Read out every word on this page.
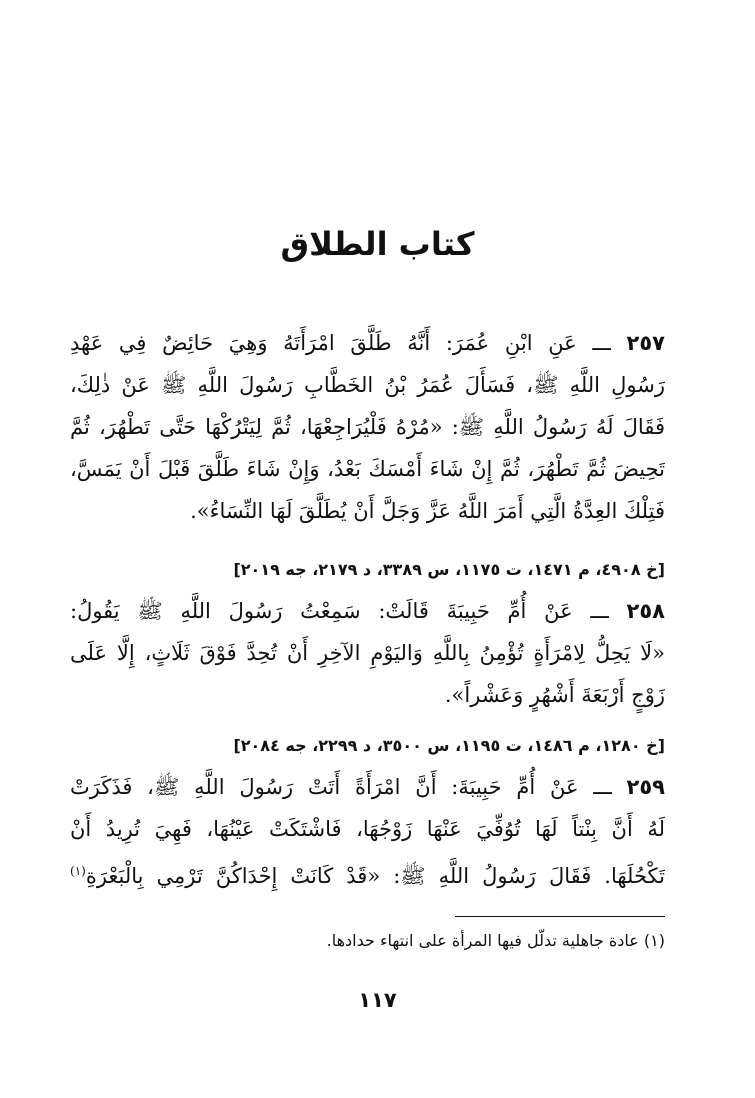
كتاب الطلاق
٢٥٧ ـــ عَنِ ابْنِ عُمَرَ: أَنَّهُ طَلَّقَ امْرَأَتَهُ وَهِيَ حَائِضٌ فِي عَهْدِ
رَسُولِ اللَّهِ ﷺ، فَسَأَلَ عُمَرُ بْنُ الخَطَّابِ رَسُولَ اللَّهِ ﷺ عَنْ ذٰلِكَ،
فَقَالَ لَهُ رَسُولُ اللَّهِ ﷺ: «مُرْهُ فَلْيُرَاجِعْهَا، ثُمَّ لِيَتْرُكْهَا حَتَّى تَطْهُرَ، ثُمَّ
تَحِيضَ ثُمَّ تَطْهُرَ، ثُمَّ إِنْ شَاءَ أَمْسَكَ بَعْدُ، وَإِنْ شَاءَ طَلَّقَ قَبْلَ أَنْ يَمَسَّ،
فَتِلْكَ العِدَّةُ الَّتِي أَمَرَ اللَّهُ عَزَّ وَجَلَّ أَنْ يُطَلَّقَ لَهَا النِّسَاءُ».
[خ ٤٩٠٨، م ١٤٧١، ت ١١٧٥، س ٣٣٨٩، د ٢١٧٩، جه ٢٠١٩]
٢٥٨ ـــ عَنْ أُمِّ حَبِيبَةَ قَالَتْ: سَمِعْتُ رَسُولَ اللَّهِ ﷺ يَقُولُ:
«لَا يَحِلُّ لِامْرَأَةٍ تُؤْمِنُ بِاللَّهِ وَاليَوْمِ الآخِرِ أَنْ تُحِدَّ فَوْقَ ثَلَاثٍ، إِلَّا عَلَى
زَوْجٍ أَرْبَعَةَ أَشْهُرٍ وَعَشْراً».
[خ ١٢٨٠، م ١٤٨٦، ت ١١٩٥، س ٣٥٠٠، د ٢٢٩٩، جه ٢٠٨٤]
٢٥٩ ـــ عَنْ أُمِّ حَبِيبَةَ: أَنَّ امْرَأَةً أَتَتْ رَسُولَ اللَّهِ ﷺ، فَذَكَرَتْ
لَهُ أَنَّ بِنْتاً لَهَا تُوُفِّيَ عَنْهَا زَوْجُهَا، فَاشْتَكَتْ عَيْنُهَا، فَهِيَ تُرِيدُ أَنْ
تَكْحُلَهَا. فَقَالَ رَسُولُ اللَّهِ ﷺ: «قَدْ كَانَتْ إِحْدَاكُنَّ تَرْمِي بِالْبَعْرَةِ$^{(١)}$
(١) عادة جاهلية تدلّل فيها المرأة على انتهاء حدادها.
١١٧
